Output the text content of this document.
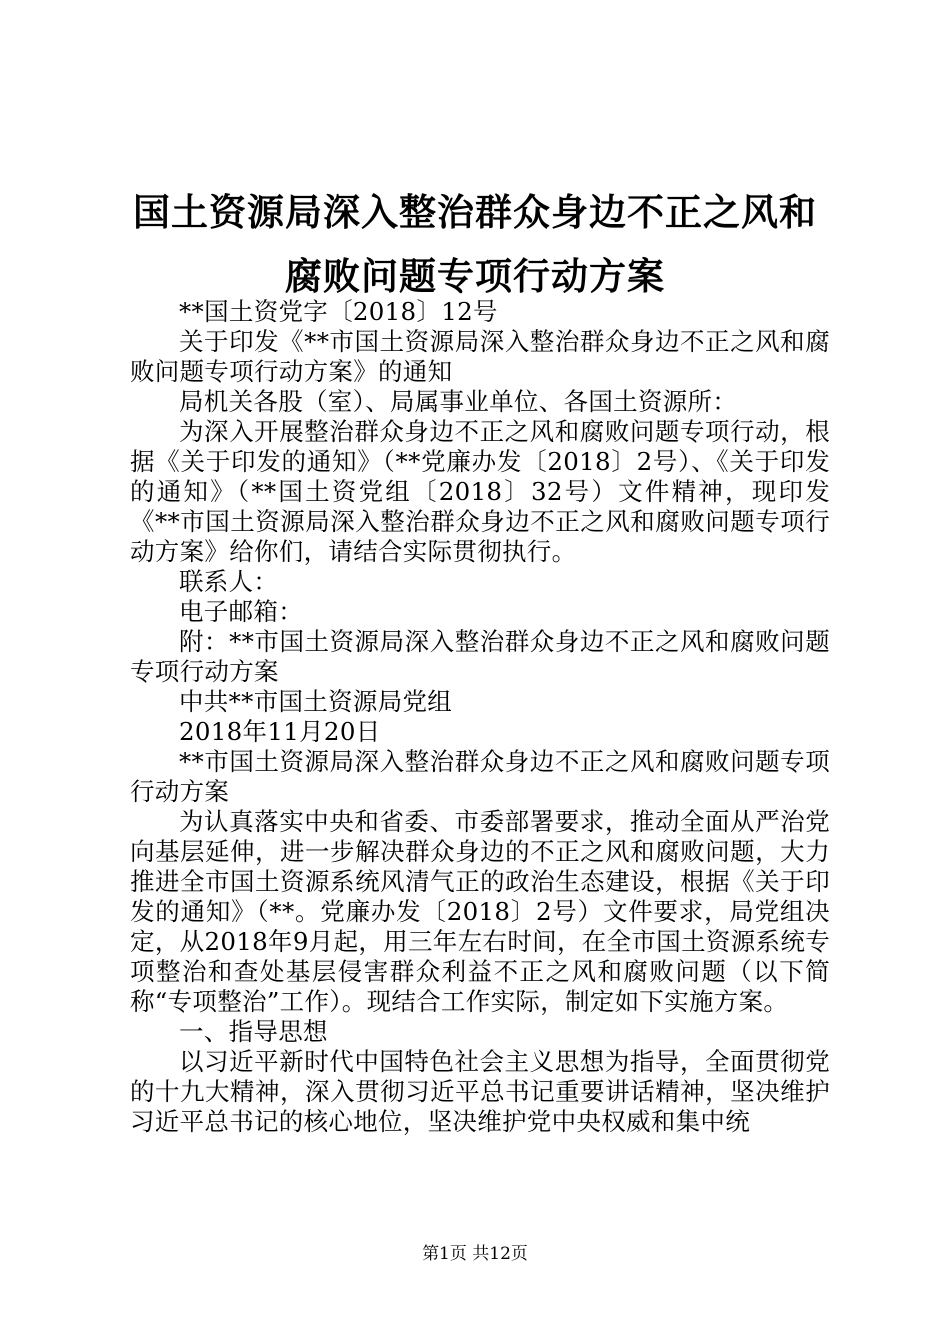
国土资源局深入整治群众身边不正之风和腐败问题专项行动方案

**国土资党字〔2018〕12号

关于印发《**市国土资源局深入整治群众身边不正之风和腐败问题专项行动方案》的通知

局机关各股（室）、局属事业单位、各国土资源所：

为深入开展整治群众身边不正之风和腐败问题专项行动，根据《关于印发的通知》（**党廉办发〔2018〕2号）、《关于印发的通知》（**国土资党组〔2018〕32号）文件精神，现印发《**市国土资源局深入整治群众身边不正之风和腐败问题专项行动方案》给你们，请结合实际贯彻执行。

联系人：

电子邮箱：

附：**市国土资源局深入整治群众身边不正之风和腐败问题专项行动方案

中共**市国土资源局党组

2018年11月20日

**市国土资源局深入整治群众身边不正之风和腐败问题专项行动方案

为认真落实中央和省委、市委部署要求，推动全面从严治党向基层延伸，进一步解决群众身边的不正之风和腐败问题，大力推进全市国土资源系统风清气正的政治生态建设，根据《关于印发的通知》（**。党廉办发〔2018〕2号）文件要求，局党组决定，从2018年9月起，用三年左右时间，在全市国土资源系统专项整治和查处基层侵害群众利益不正之风和腐败问题（以下简称“专项整治”工作）。现结合工作实际，制定如下实施方案。

一、指导思想

以习近平新时代中国特色社会主义思想为指导，全面贯彻党的十九大精神，深入贯彻习近平总书记重要讲话精神，坚决维护习近平总书记的核心地位，坚决维护党中央权威和集中统

第1页 共12页
